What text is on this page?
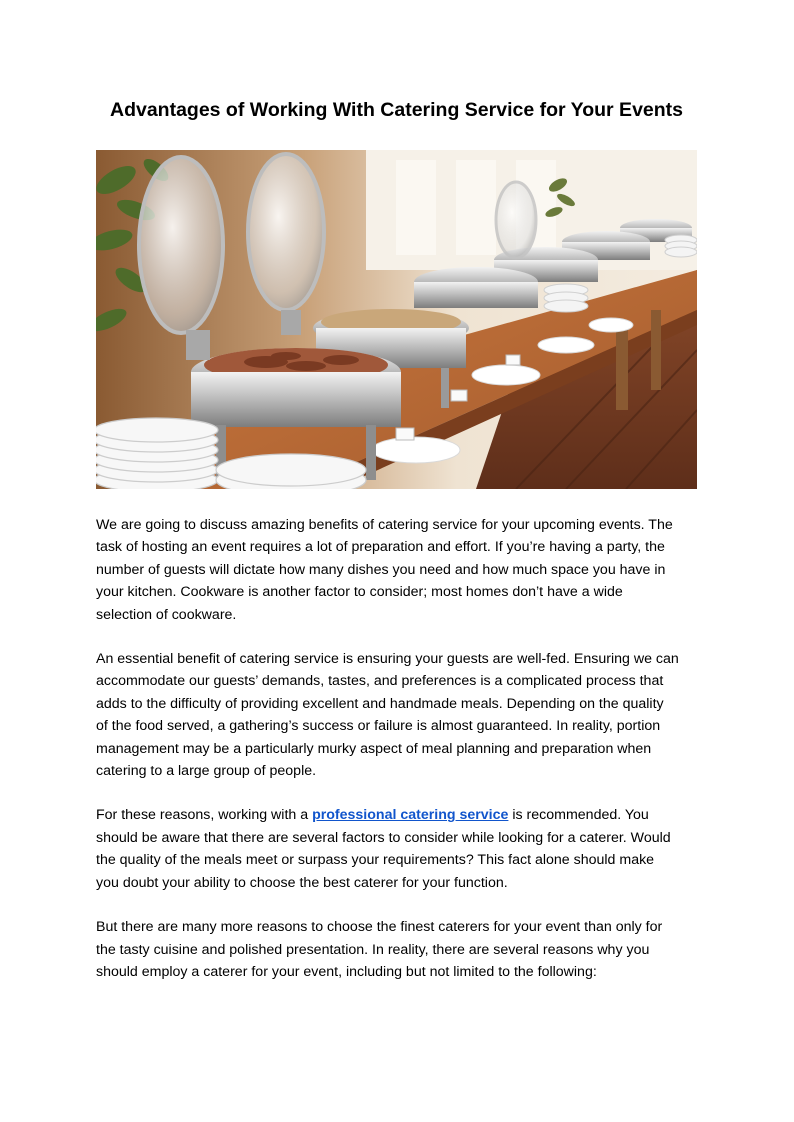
Advantages of Working With Catering Service for Your Events

We are going to discuss amazing benefits of catering service for your upcoming events. The
task of hosting an event requires a lot of preparation and effort. If you’re having a party, the
number of guests will dictate how many dishes you need and how much space you have in
your kitchen. Cookware is another factor to consider; most homes don’t have a wide
selection of cookware.

An essential benefit of catering service is ensuring your guests are well-fed. Ensuring we can
accommodate our guests’ demands, tastes, and preferences is a complicated process that
adds to the difficulty of providing excellent and handmade meals. Depending on the quality
of the food served, a gathering’s success or failure is almost guaranteed. In reality, portion
management may be a particularly murky aspect of meal planning and preparation when
catering to a large group of people.

For these reasons, working with a professional catering service is recommended. You
should be aware that there are several factors to consider while looking for a caterer. Would
the quality of the meals meet or surpass your requirements? This fact alone should make
you doubt your ability to choose the best caterer for your function.

But there are many more reasons to choose the finest caterers for your event than only for
the tasty cuisine and polished presentation. In reality, there are several reasons why you
should employ a caterer for your event, including but not limited to the following:
